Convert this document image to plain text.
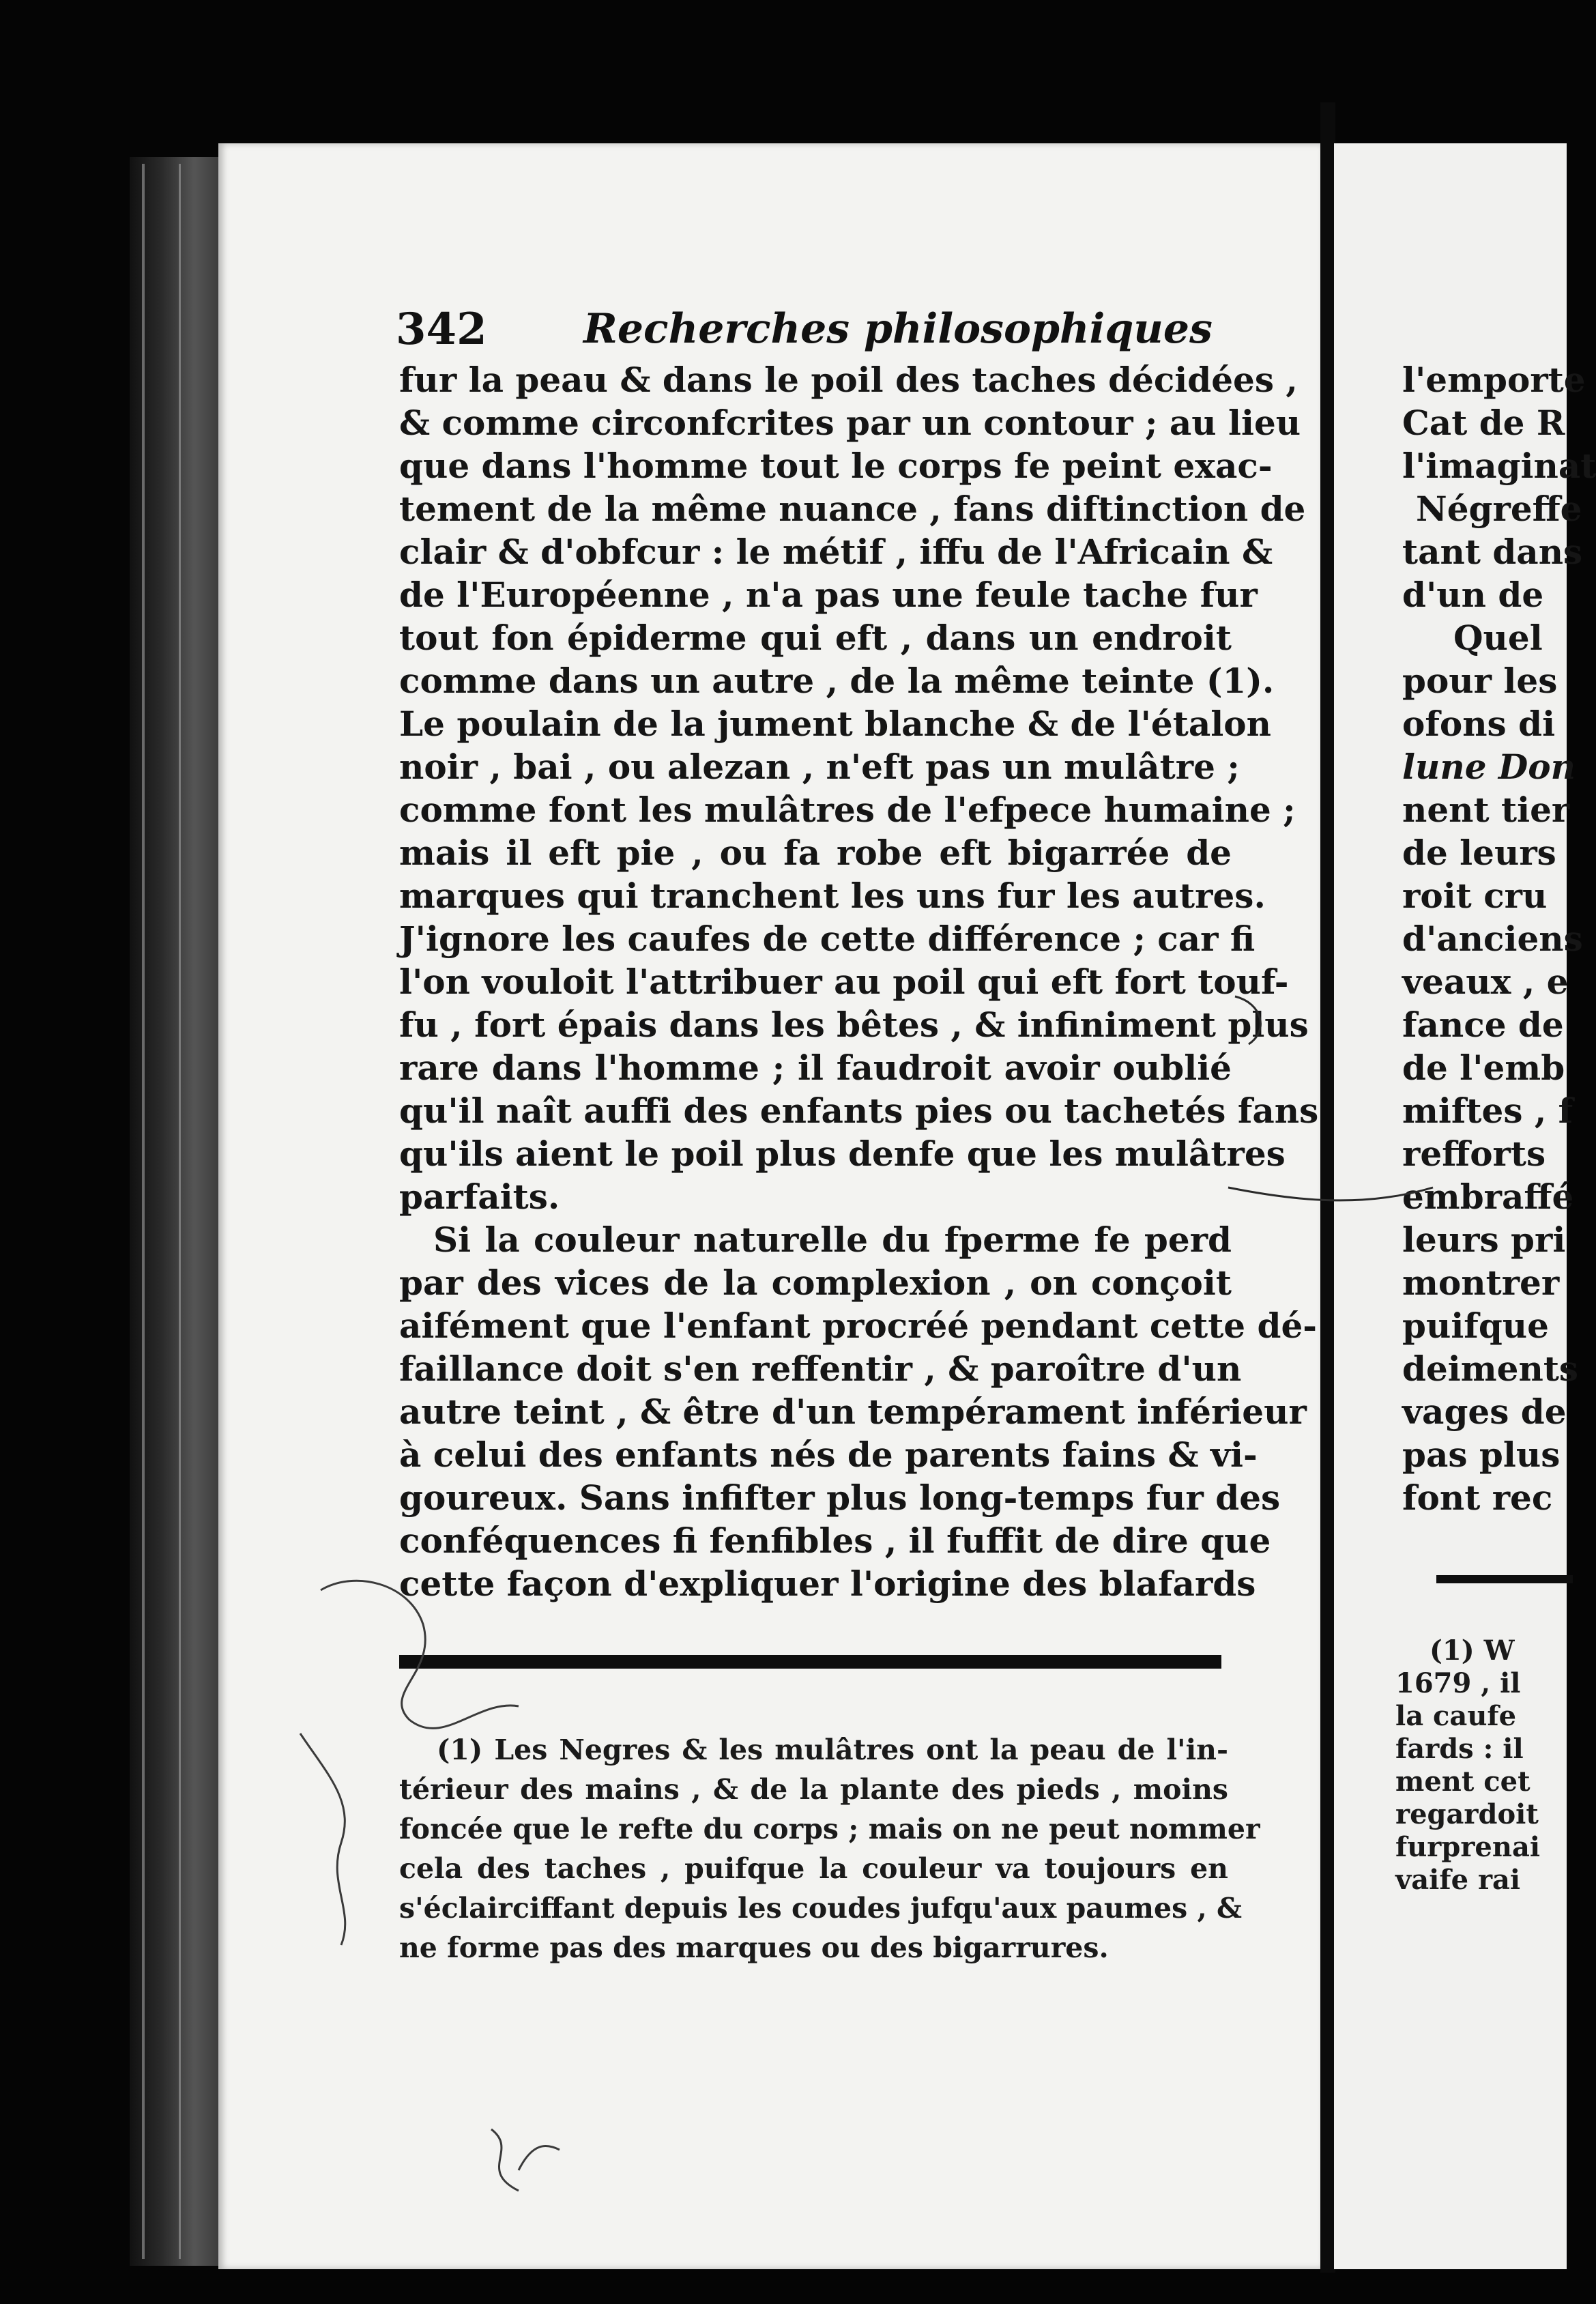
342 Recherches philosophiques
fur la peau & dans le poil des taches décidées ,
& comme circonfcrites par un contour ; au lieu
que dans l'homme tout le corps fe peint exac-
tement de la même nuance , fans diftinction de
clair & d'obfcur : le métif , iffu de l'Africain &
de l'Européenne , n'a pas une feule tache fur
tout fon épiderme qui eft , dans un endroit
comme dans un autre , de la même teinte (1).
Le poulain de la jument blanche & de l'étalon
noir , bai , ou alezan , n'eft pas un mulâtre ;
comme font les mulâtres de l'efpece humaine ;
mais il eft pie , ou fa robe eft bigarrée de
marques qui tranchent les uns fur les autres.
J'ignore les caufes de cette différence ; car fi
l'on vouloit l'attribuer au poil qui eft fort touf-
fu , fort épais dans les bêtes , & infiniment plus
rare dans l'homme ; il faudroit avoir oublié
qu'il naît auffi des enfants pies ou tachetés fans
qu'ils aient le poil plus denfe que les mulâtres
parfaits.
Si la couleur naturelle du fperme fe perd
par des vices de la complexion , on conçoit
aifément que l'enfant procréé pendant cette dé-
faillance doit s'en reffentir , & paroître d'un
autre teint , & être d'un tempérament inférieur
à celui des enfants nés de parents fains & vi-
goureux. Sans infifter plus long-temps fur des
conféquences fi fenfibles , il fuffit de dire que
cette façon d'expliquer l'origine des blafards
(1) Les Negres & les mulâtres ont la peau de l'in-
térieur des mains , & de la plante des pieds , moins
foncée que le refte du corps ; mais on ne peut nommer
cela des taches , puifque la couleur va toujours en
s'éclairciffant depuis les coudes jufqu'aux paumes , &
ne forme pas des marques ou des bigarrures.
l'emporte
Cat de R
l'imaginat
Négreffe
tant dans
d'un de
Quel
pour les
ofons di
lune Don
nent tier
de leurs
roit cru
d'anciens
veaux , e
fance de
de l'emb
miftes , f
refforts
embraffé
leurs pri
montrer
puifque
deiments
vages de
pas plus
font rec
(1) W
1679 , il
la caufe
fards : il
ment cet
regardoit
furprenai
vaife rai
